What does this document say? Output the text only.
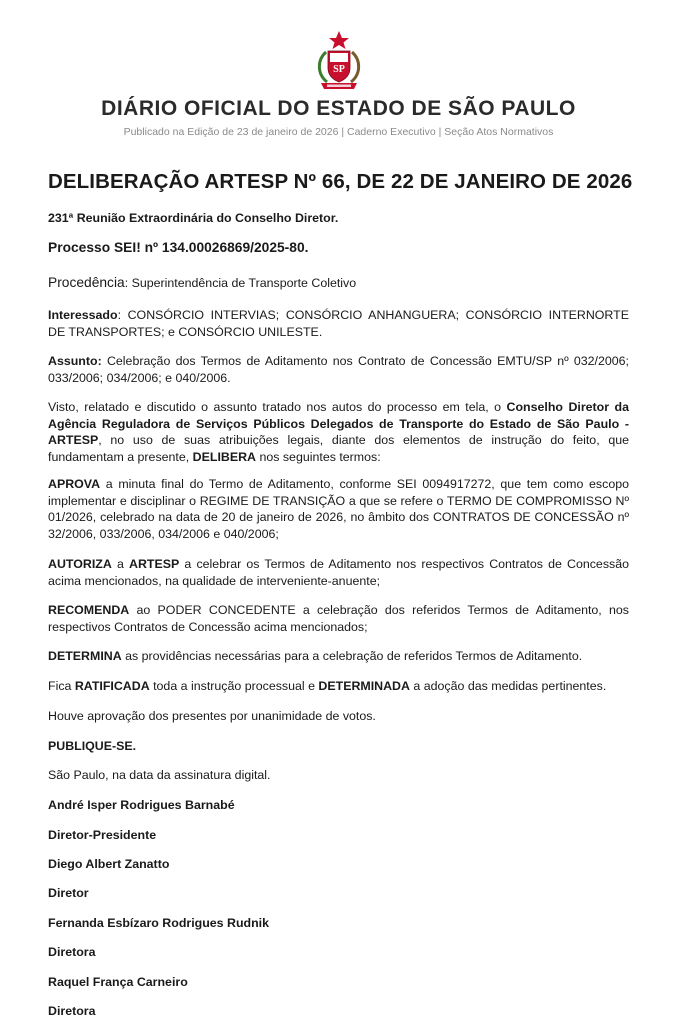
SP
DIÁRIO OFICIAL DO ESTADO DE SÃO PAULO
Publicado na Edição de 23 de janeiro de 2026 | Caderno Executivo | Seção Atos Normativos
DELIBERAÇÃO ARTESP Nº 66, DE 22 DE JANEIRO DE 2026

231ª Reunião Extraordinária do Conselho Diretor.

Processo SEI! nº 134.00026869/2025-80.

Procedência: Superintendência de Transporte Coletivo

Interessado: CONSÓRCIO INTERVIAS; CONSÓRCIO ANHANGUERA; CONSÓRCIO INTERNORTE DE TRANSPORTES; e CONSÓRCIO UNILESTE.

Assunto: Celebração dos Termos de Aditamento nos Contrato de Concessão EMTU/SP nº 032/2006; 033/2006; 034/2006; e 040/2006.

Visto, relatado e discutido o assunto tratado nos autos do processo em tela, o Conselho Diretor da Agência Reguladora de Serviços Públicos Delegados de Transporte do Estado de São Paulo - ARTESP, no uso de suas atribuições legais, diante dos elementos de instrução do feito, que fundamentam a presente, DELIBERA nos seguintes termos:

APROVA a minuta final do Termo de Aditamento, conforme SEI 0094917272, que tem como escopo implementar e disciplinar o REGIME DE TRANSIÇÃO a que se refere o TERMO DE COMPROMISSO Nº 01/2026, celebrado na data de 20 de janeiro de 2026, no âmbito dos CONTRATOS DE CONCESSÃO nº 32/2006, 033/2006, 034/2006 e 040/2006;

AUTORIZA a ARTESP a celebrar os Termos de Aditamento nos respectivos Contratos de Concessão acima mencionados, na qualidade de interveniente-anuente;

RECOMENDA ao PODER CONCEDENTE a celebração dos referidos Termos de Aditamento, nos respectivos Contratos de Concessão acima mencionados;

DETERMINA as providências necessárias para a celebração de referidos Termos de Aditamento.

Fica RATIFICADA toda a instrução processual e DETERMINADA a adoção das medidas pertinentes.

Houve aprovação dos presentes por unanimidade de votos.

PUBLIQUE-SE.

São Paulo, na data da assinatura digital.

André Isper Rodrigues Barnabé

Diretor-Presidente

Diego Albert Zanatto

Diretor

Fernanda Esbízaro Rodrigues Rudnik

Diretora

Raquel França Carneiro

Diretora
